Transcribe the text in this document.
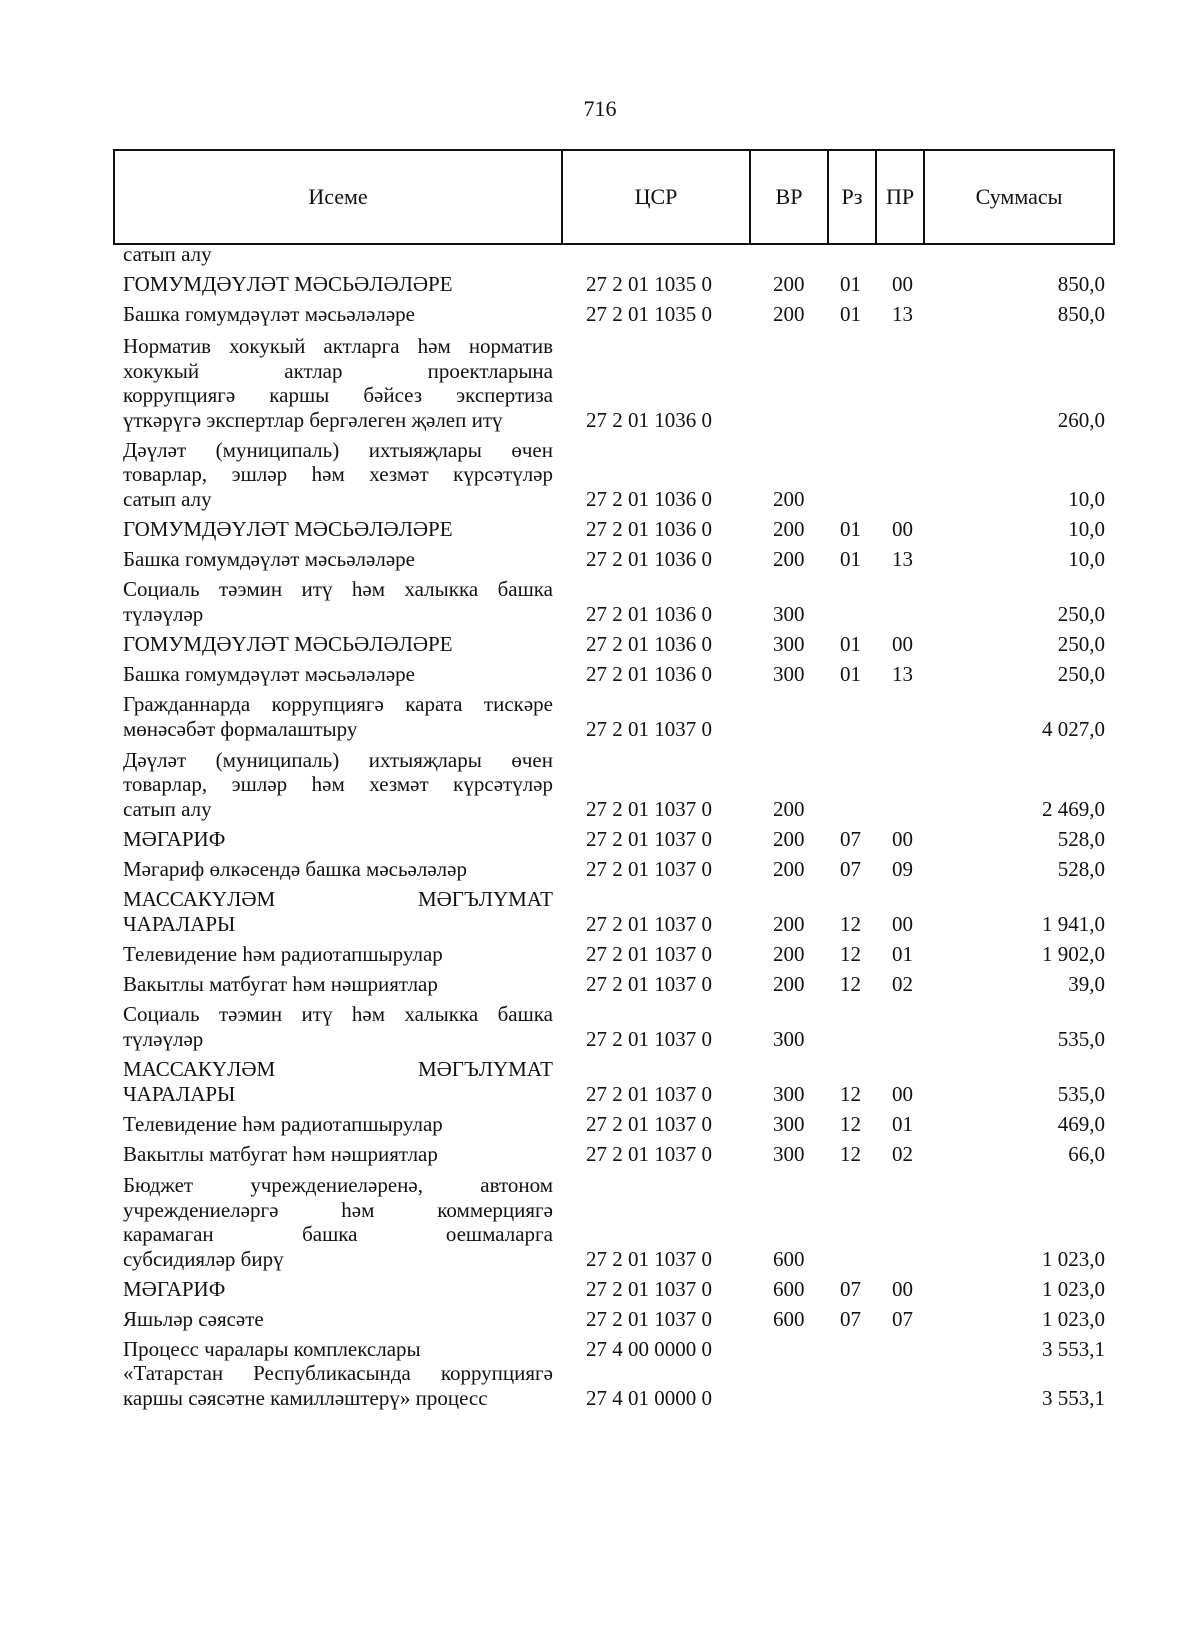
716
Исеме	ЦСР	ВР	Рз	ПР	Суммасы
сатып алу
ГОМУМДӘҮЛӘТ МӘСЬӘЛӘЛӘРЕ	27 2 01 1035 0	200 01 00	850,0
Башка гомумдәүләт мәсьәләләре	27 2 01 1035 0	200 01 13	850,0
Норматив хокукый актларга һәм норматив
хокукый актлар проектларына
коррупциягә каршы бәйсез экспертиза
үткәрүгә экспертлар бергәлеген җәлеп итү	27 2 01 1036 0	260,0
Дәүләт (муниципаль) ихтыяҗлары өчен
товарлар, эшләр һәм хезмәт күрсәтүләр
сатып алу	27 2 01 1036 0	200	10,0
ГОМУМДӘҮЛӘТ МӘСЬӘЛӘЛӘРЕ	27 2 01 1036 0	200 01 00	10,0
Башка гомумдәүләт мәсьәләләре	27 2 01 1036 0	200 01 13	10,0
Социаль тәэмин итү һәм халыкка башка
түләүләр	27 2 01 1036 0	300	250,0
ГОМУМДӘҮЛӘТ МӘСЬӘЛӘЛӘРЕ	27 2 01 1036 0	300 01 00	250,0
Башка гомумдәүләт мәсьәләләре	27 2 01 1036 0	300 01 13	250,0
Гражданнарда коррупциягә карата тискәре
мөнәсәбәт формалаштыру	27 2 01 1037 0	4 027,0
Дәүләт (муниципаль) ихтыяҗлары өчен
товарлар, эшләр һәм хезмәт күрсәтүләр
сатып алу	27 2 01 1037 0	200	2 469,0
МӘГАРИФ	27 2 01 1037 0	200 07 00	528,0
Мәгариф өлкәсендә башка мәсьәләләр	27 2 01 1037 0	200 07 09	528,0
МАССАКҮЛӘМ МӘГЪЛҮМАТ
ЧАРАЛАРЫ	27 2 01 1037 0	200 12 00	1 941,0
Телевидение һәм радиотапшырулар	27 2 01 1037 0	200 12 01	1 902,0
Вакытлы матбугат һәм нәшриятлар	27 2 01 1037 0	200 12 02	39,0
Социаль тәэмин итү һәм халыкка башка
түләүләр	27 2 01 1037 0	300	535,0
МАССАКҮЛӘМ МӘГЪЛҮМАТ
ЧАРАЛАРЫ	27 2 01 1037 0	300 12 00	535,0
Телевидение һәм радиотапшырулар	27 2 01 1037 0	300 12 01	469,0
Вакытлы матбугат һәм нәшриятлар	27 2 01 1037 0	300 12 02	66,0
Бюджет учреждениеләренә, автоном
учреждениеләргә һәм коммерциягә
карамаган башка оешмаларга
субсидияләр бирү	27 2 01 1037 0	600	1 023,0
МӘГАРИФ	27 2 01 1037 0	600 07 00	1 023,0
Яшьләр сәясәте	27 2 01 1037 0	600 07 07	1 023,0
Процесс чаралары комплекслары	27 4 00 0000 0	3 553,1
«Татарстан Республикасында коррупциягә
каршы сәясәтне камилләштерү» процесс	27 4 01 0000 0	3 553,1
